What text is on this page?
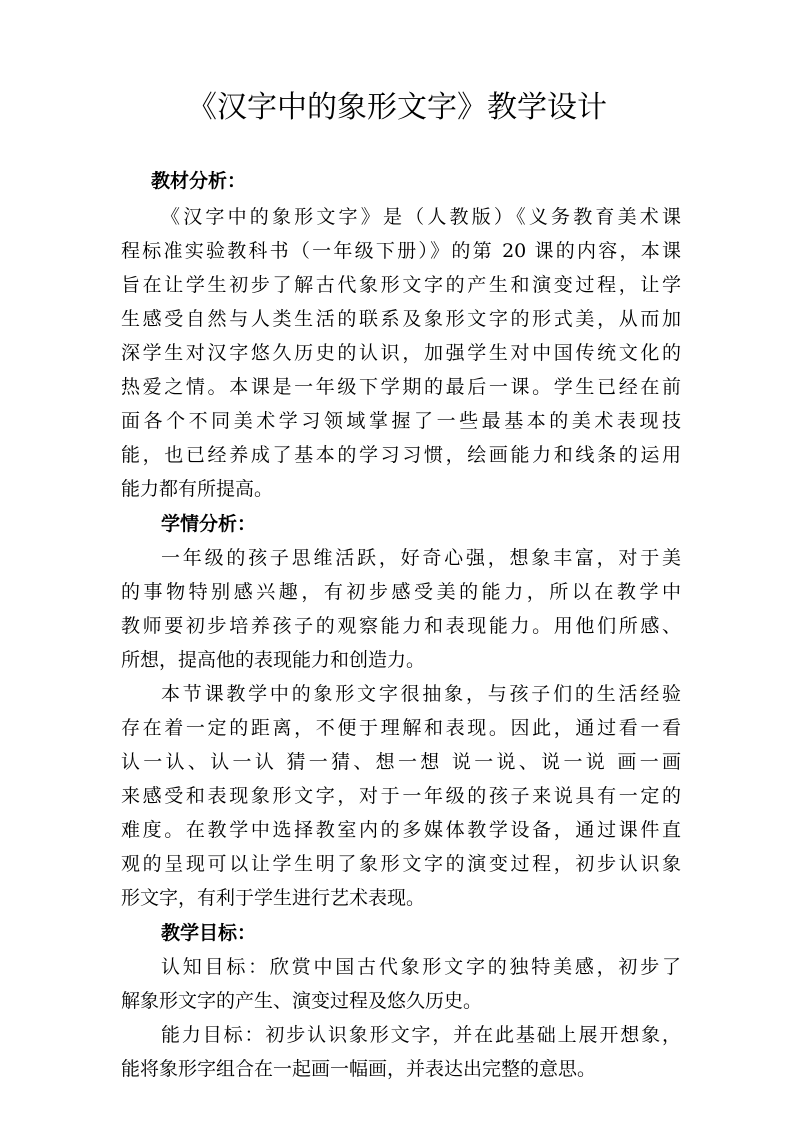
《汉字中的象形文字》教学设计
教材分析：
《汉字中的象形文字》是（人教版）《义务教育美术课
程标准实验教科书（一年级下册）》的第 20 课的内容，本课
旨在让学生初步了解古代象形文字的产生和演变过程，让学
生感受自然与人类生活的联系及象形文字的形式美，从而加
深学生对汉字悠久历史的认识，加强学生对中国传统文化的
热爱之情。本课是一年级下学期的最后一课。学生已经在前
面各个不同美术学习领域掌握了一些最基本的美术表现技
能，也已经养成了基本的学习习惯，绘画能力和线条的运用
能力都有所提高。
学情分析：
一年级的孩子思维活跃，好奇心强，想象丰富，对于美
的事物特别感兴趣，有初步感受美的能力，所以在教学中
教师要初步培养孩子的观察能力和表现能力。用他们所感、
所想，提高他的表现能力和创造力。
本节课教学中的象形文字很抽象，与孩子们的生活经验
存在着一定的距离，不便于理解和表现。因此，通过看一看
认一认、认一认 猜一猜、想一想 说一说、说一说 画一画
来感受和表现象形文字，对于一年级的孩子来说具有一定的
难度。在教学中选择教室内的多媒体教学设备，通过课件直
观的呈现可以让学生明了象形文字的演变过程，初步认识象
形文字，有利于学生进行艺术表现。
教学目标：
认知目标：欣赏中国古代象形文字的独特美感，初步了
解象形文字的产生、演变过程及悠久历史。
能力目标：初步认识象形文字，并在此基础上展开想象，
能将象形字组合在一起画一幅画，并表达出完整的意思。
